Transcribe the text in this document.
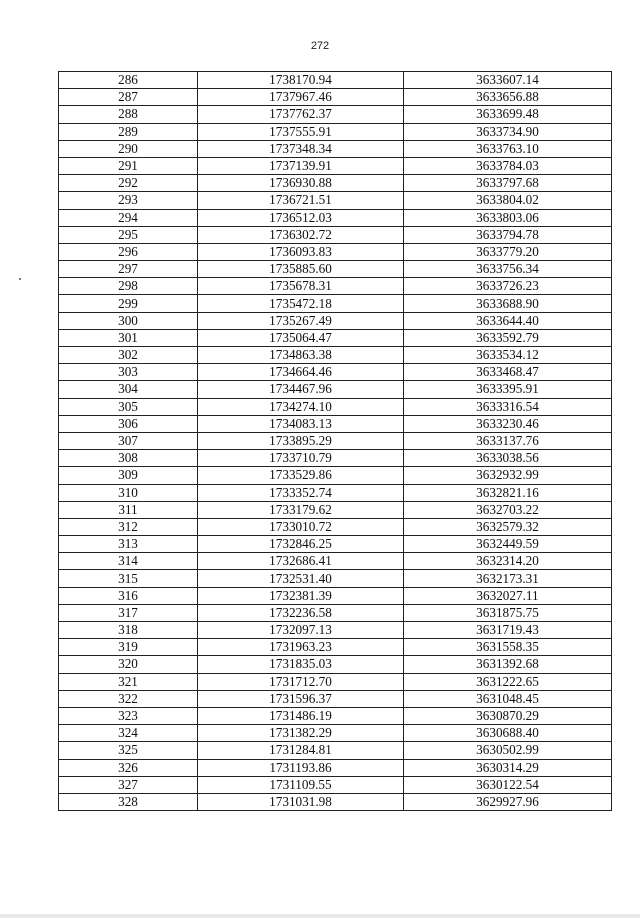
272
286	1738170.94	3633607.14
287	1737967.46	3633656.88
288	1737762.37	3633699.48
289	1737555.91	3633734.90
290	1737348.34	3633763.10
291	1737139.91	3633784.03
292	1736930.88	3633797.68
293	1736721.51	3633804.02
294	1736512.03	3633803.06
295	1736302.72	3633794.78
296	1736093.83	3633779.20
297	1735885.60	3633756.34
298	1735678.31	3633726.23
299	1735472.18	3633688.90
300	1735267.49	3633644.40
301	1735064.47	3633592.79
302	1734863.38	3633534.12
303	1734664.46	3633468.47
304	1734467.96	3633395.91
305	1734274.10	3633316.54
306	1734083.13	3633230.46
307	1733895.29	3633137.76
308	1733710.79	3633038.56
309	1733529.86	3632932.99
310	1733352.74	3632821.16
311	1733179.62	3632703.22
312	1733010.72	3632579.32
313	1732846.25	3632449.59
314	1732686.41	3632314.20
315	1732531.40	3632173.31
316	1732381.39	3632027.11
317	1732236.58	3631875.75
318	1732097.13	3631719.43
319	1731963.23	3631558.35
320	1731835.03	3631392.68
321	1731712.70	3631222.65
322	1731596.37	3631048.45
323	1731486.19	3630870.29
324	1731382.29	3630688.40
325	1731284.81	3630502.99
326	1731193.86	3630314.29
327	1731109.55	3630122.54
328	1731031.98	3629927.96
